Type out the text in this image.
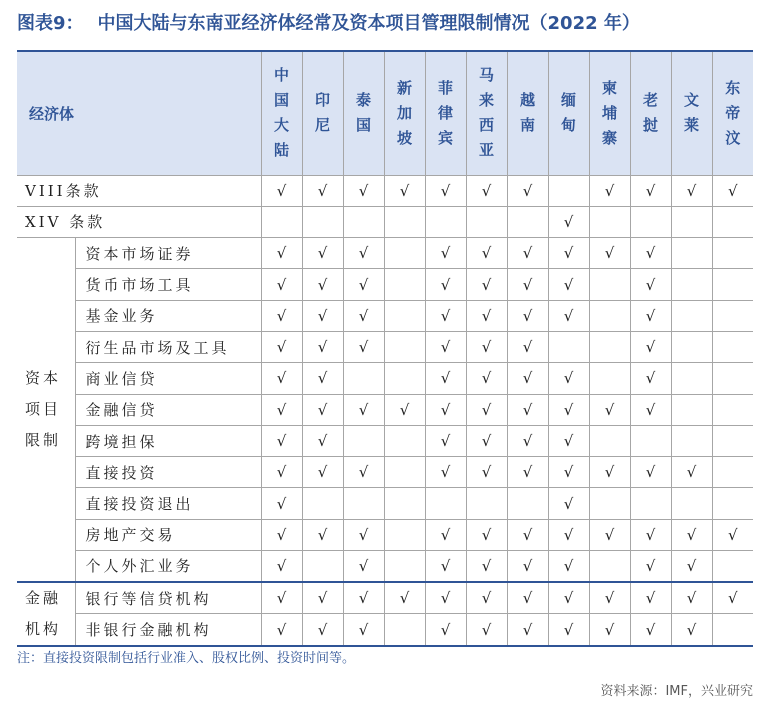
图表9： 中国大陆与东南亚经济体经常及资本项目管理限制情况（2022 年）
经济体		中国大陆	印尼	泰国	新加坡	菲律宾	马来西亚	越南	缅甸	柬埔寨	老挝	文莱	东帝汶
VIII条款		√	√	√	√	√	√	√		√	√	√	√
XIV 条款									√				
资本项目限制	资本市场证券	√	√	√		√	√	√	√	√	√		
	货币市场工具	√	√	√		√	√	√	√		√		
	基金业务	√	√	√		√	√	√	√		√		
	衍生品市场及工具	√	√	√		√	√	√			√		
	商业信贷	√	√			√	√	√	√		√		
	金融信贷	√	√	√	√	√	√	√	√	√	√		
	跨境担保	√	√			√	√	√	√				
	直接投资	√	√	√		√	√	√	√	√	√	√	
	直接投资退出	√							√				
	房地产交易	√	√	√		√	√	√	√	√	√	√	√
	个人外汇业务	√		√		√	√	√	√		√	√	
金融机构	银行等信贷机构	√	√	√	√	√	√	√	√	√	√	√	√
	非银行金融机构	√	√	√		√	√	√	√	√	√	√	
注：直接投资限制包括行业准入、股权比例、投资时间等。
资料来源：IMF，兴业研究
